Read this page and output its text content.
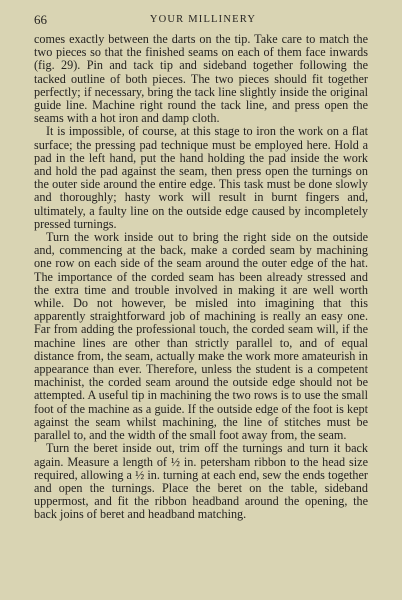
66	YOUR MILLINERY

comes exactly between the darts on the tip. Take care to match the two pieces so that the finished seams on each of them face inwards (fig. 29). Pin and tack tip and sideband together following the tacked outline of both pieces. The two pieces should fit together perfectly; if necessary, bring the tack line slightly inside the original guide line. Machine right round the tack line, and press open the seams with a hot iron and damp cloth.

It is impossible, of course, at this stage to iron the work on a flat surface; the pressing pad technique must be employed here. Hold a pad in the left hand, put the hand holding the pad inside the work and hold the pad against the seam, then press open the turnings on the outer side around the entire edge. This task must be done slowly and thoroughly; hasty work will result in burnt fingers and, ultimately, a faulty line on the outside edge caused by incompletely pressed turnings.

Turn the work inside out to bring the right side on the outside and, commencing at the back, make a corded seam by machining one row on each side of the seam around the outer edge of the hat. The importance of the corded seam has been already stressed and the extra time and trouble involved in making it are well worth while. Do not however, be misled into imagining that this apparently straightforward job of machining is really an easy one. Far from adding the professional touch, the corded seam will, if the machine lines are other than strictly parallel to, and of equal distance from, the seam, actually make the work more amateurish in appearance than ever. Therefore, unless the student is a competent machinist, the corded seam around the outside edge should not be attempted. A useful tip in machining the two rows is to use the small foot of the machine as a guide. If the outside edge of the foot is kept against the seam whilst machining, the line of stitches must be parallel to, and the width of the small foot away from, the seam.

Turn the beret inside out, trim off the turnings and turn it back again. Measure a length of ½ in. petersham ribbon to the head size required, allowing a ½ in. turning at each end, sew the ends together and open the turnings. Place the beret on the table, sideband uppermost, and fit the ribbon headband around the opening, the back joins of beret and headband matching.
